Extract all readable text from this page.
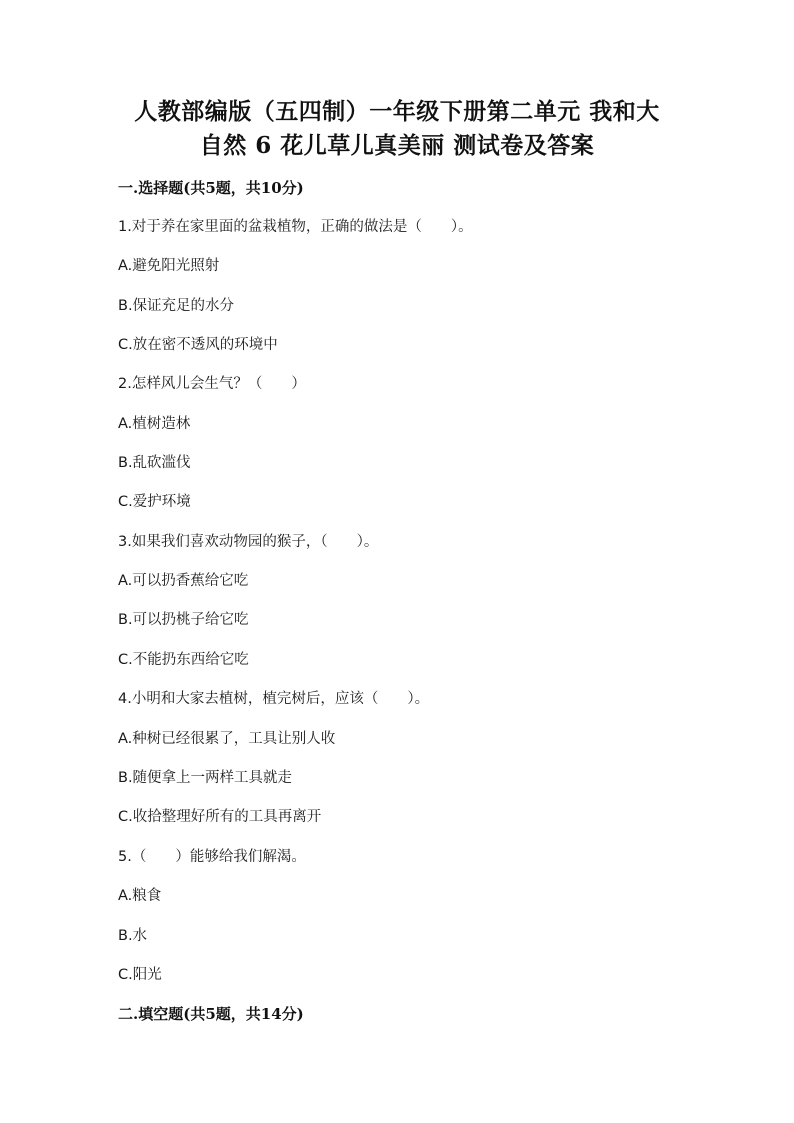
人教部编版（五四制）一年级下册第二单元 我和大
自然 6 花儿草儿真美丽 测试卷及答案
一.选择题(共5题，共10分)
1.对于养在家里面的盆栽植物，正确的做法是（　　）。
A.避免阳光照射
B.保证充足的水分
C.放在密不透风的环境中
2.怎样风儿会生气？（　　）
A.植树造林
B.乱砍滥伐
C.爱护环境
3.如果我们喜欢动物园的猴子，（　　）。
A.可以扔香蕉给它吃
B.可以扔桃子给它吃
C.不能扔东西给它吃
4.小明和大家去植树，植完树后，应该（　　）。
A.种树已经很累了，工具让别人收
B.随便拿上一两样工具就走
C.收拾整理好所有的工具再离开
5.（　　）能够给我们解渴。
A.粮食
B.水
C.阳光
二.填空题(共5题，共14分)
